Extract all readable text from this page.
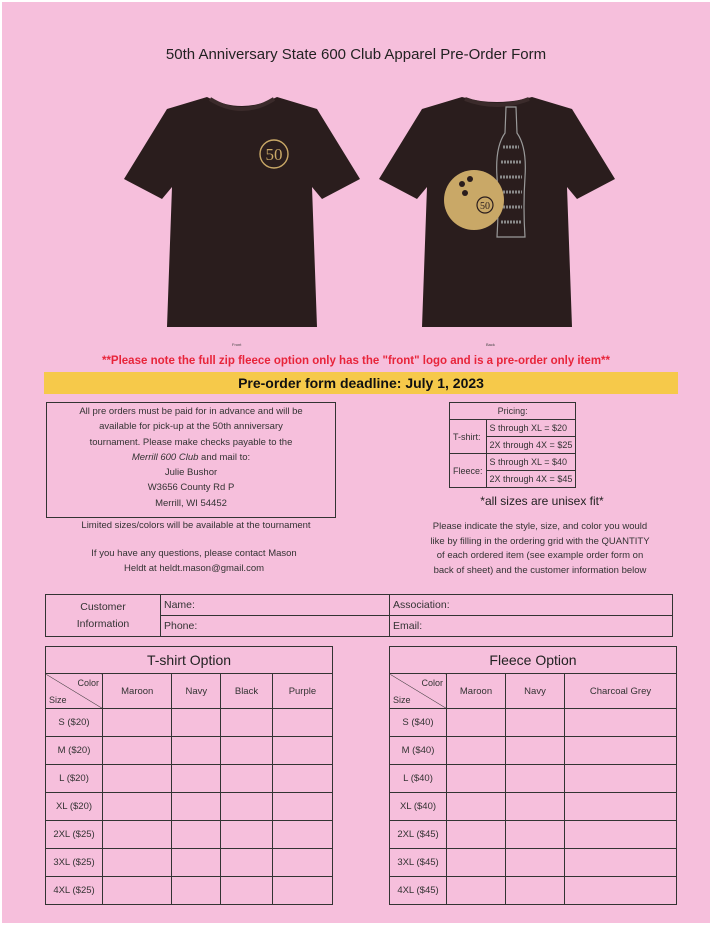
50th Anniversary State 600 Club Apparel Pre-Order Form
50
Front
50
Back
**Please note the full zip fleece option only has the "front" logo and is a pre-order only item**
Pre-order form deadline: July 1, 2023
All pre orders must be paid for in advance and will be
available for pick-up at the 50th anniversary
tournament. Please make checks payable to the
Merrill 600 Club and mail to:
Julie Bushor
W3656 County Rd P
Merrill, WI 54452
Limited sizes/colors will be available at the tournament
If you have any questions, please contact Mason
Heldt at heldt.mason@gmail.com
Pricing:	
T-shirt:	S through XL = $20
	2X through 4X = $25
Fleece:	S through XL = $40
	2X through 4X = $45
*all sizes are unisex fit*
Please indicate the style, size, and color you would
like by filling in the ordering grid with the QUANTITY
of each ordered item (see example order form on
back of sheet) and the customer information below
Customer
Information	Name:	Association:
	Phone:	Email:
T-shirt Option				

Color
Size	Maroon	Navy	Black	Purple
S ($20)				
M ($20)				
L ($20)				
XL ($20)				
2XL ($25)				
3XL ($25)				
4XL ($25)				
Fleece Option			

Color
Size	Maroon	Navy	Charcoal Grey
S ($40)			
M ($40)			
L ($40)			
XL ($40)			
2XL ($45)			
3XL ($45)			
4XL ($45)			
